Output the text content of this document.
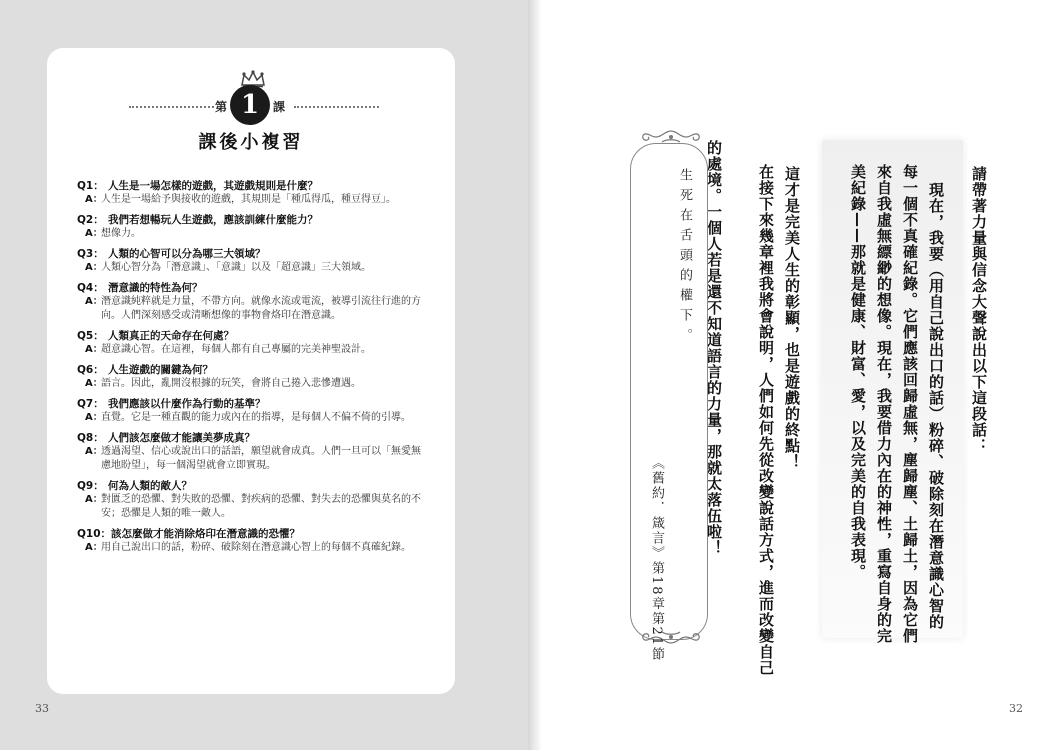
第 1	課
課後小複習
Q1： 人生是一場怎樣的遊戲，其遊戲規則是什麼？
A：
人生是一場給予與接收的遊戲，其規則是「種瓜得瓜，種豆得豆」。
Q2： 我們若想暢玩人生遊戲，應該訓練什麼能力？
A：
想像力。
Q3： 人類的心智可以分為哪三大領域？
A：
人類心智分為「潛意識」、「意識」以及「超意識」三大領域。
Q4： 潛意識的特性為何？
A：
潛意識純粹就是力量，不帶方向。就像水流或電流，被導引流往行進的方向。人們深刻感受或清晰想像的事物會烙印在潛意識。
Q5： 人類真正的天命存在何處？
A：
超意識心智。在這裡，每個人都有自己專屬的完美神聖設計。
Q6： 人生遊戲的關鍵為何？
A：
語言。因此，亂開沒根據的玩笑，會將自己捲入悲慘遭遇。
Q7： 我們應該以什麼作為行動的基準？
A：
直覺。它是一種直觀的能力或內在的指導，是每個人不偏不倚的引導。
Q8： 人們該怎麼做才能讓美夢成真？
A：
透過渴望、信心或說出口的話語，願望就會成真。人們一旦可以「無愛無慮地盼望」，每一個渴望就會立即實現。
Q9： 何為人類的敵人？
A：
對匱乏的恐懼、對失敗的恐懼、對疾病的恐懼、對失去的恐懼與莫名的不安；恐懼是人類的唯一敵人。
Q10：該怎麼做才能消除烙印在潛意識的恐懼？
A：
用自己說出口的話，粉碎、破除刻在潛意識心智上的每個不真確紀錄。
33
請帶著力量與信念大聲說出以下這段話：
現在，我要（用自己說出口的話）粉碎、破除刻在潛意識心智的
每一個不真確紀錄。它們應該回歸虛無，塵歸塵、土歸土，因為它們
來自我虛無縹緲的想像。現在，我要借力內在的神性，重寫自身的完
美紀錄——那就是健康、財富、愛，以及完美的自我表現。
這才是完美人生的彰顯，也是遊戲的終點！
在接下來幾章裡我將會說明，人們如何先從改變說話方式，進而改變自己
的處境。一個人若是還不知道語言的力量，那就太落伍啦！
生死在舌頭的權下。
《舊約．箴言》第18章第21節
32
